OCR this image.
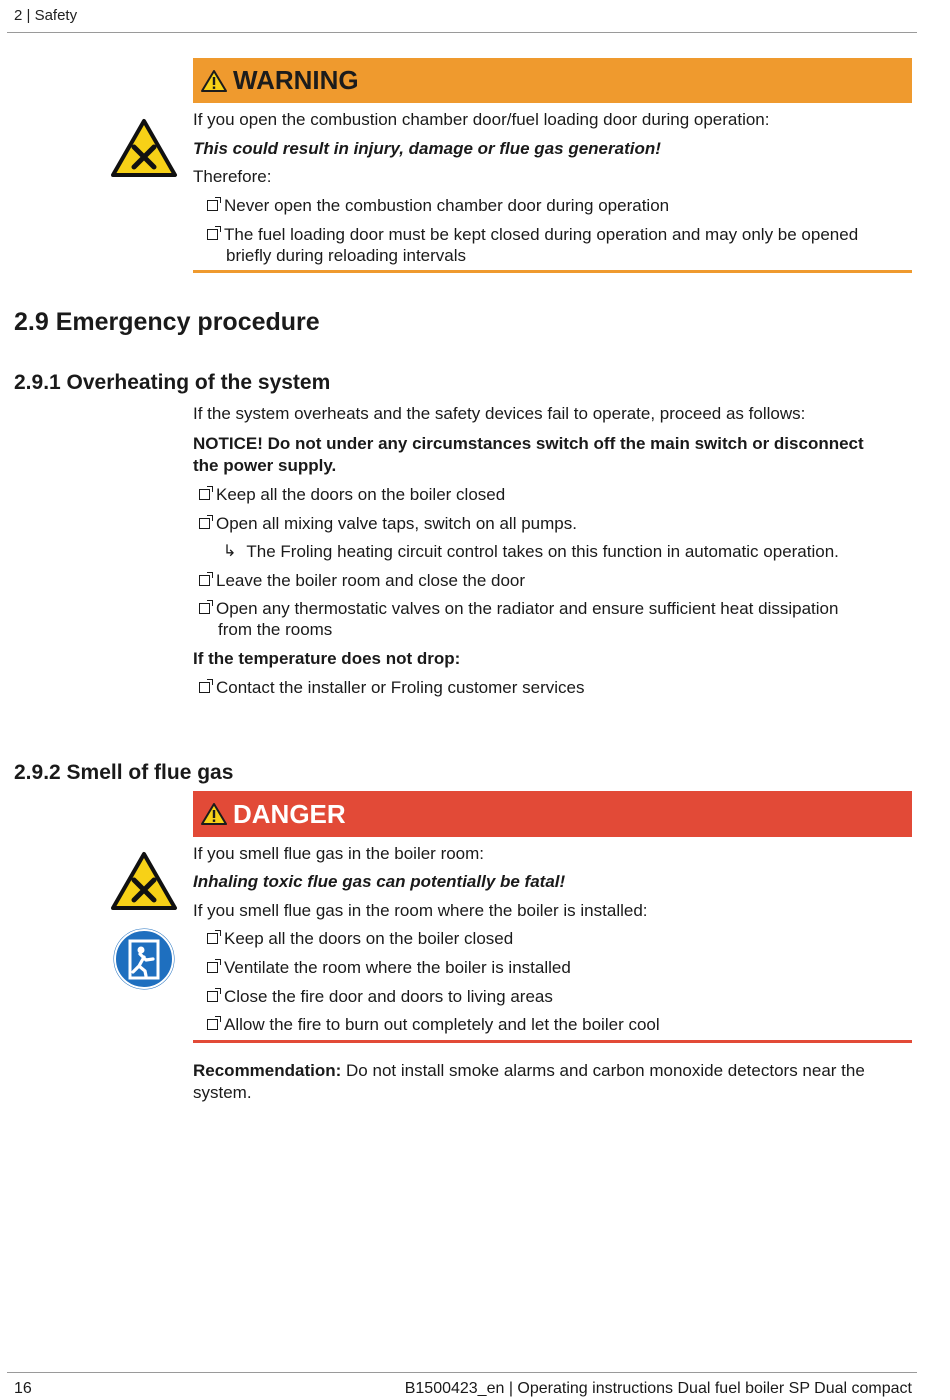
2 | Safety
WARNING
If you open the combustion chamber door/fuel loading door during operation:
This could result in injury, damage or flue gas generation!
Therefore:
Never open the combustion chamber door during operation
The fuel loading door must be kept closed during operation and may only be opened
briefly during reloading intervals
2.9 Emergency procedure
2.9.1 Overheating of the system
If the system overheats and the safety devices fail to operate, proceed as follows:
NOTICE! Do not under any circumstances switch off the main switch or disconnect
the power supply.
Keep all the doors on the boiler closed
Open all mixing valve taps, switch on all pumps.
↳ The Froling heating circuit control takes on this function in automatic operation.
Leave the boiler room and close the door
Open any thermostatic valves on the radiator and ensure sufficient heat dissipation
from the rooms
If the temperature does not drop:
Contact the installer or Froling customer services
2.9.2 Smell of flue gas
DANGER
If you smell flue gas in the boiler room:
Inhaling toxic flue gas can potentially be fatal!
If you smell flue gas in the room where the boiler is installed:
Keep all the doors on the boiler closed
Ventilate the room where the boiler is installed
Close the fire door and doors to living areas
Allow the fire to burn out completely and let the boiler cool
Recommendation: Do not install smoke alarms and carbon monoxide detectors near the
system.
16	B1500423_en | Operating instructions Dual fuel boiler SP Dual compact
